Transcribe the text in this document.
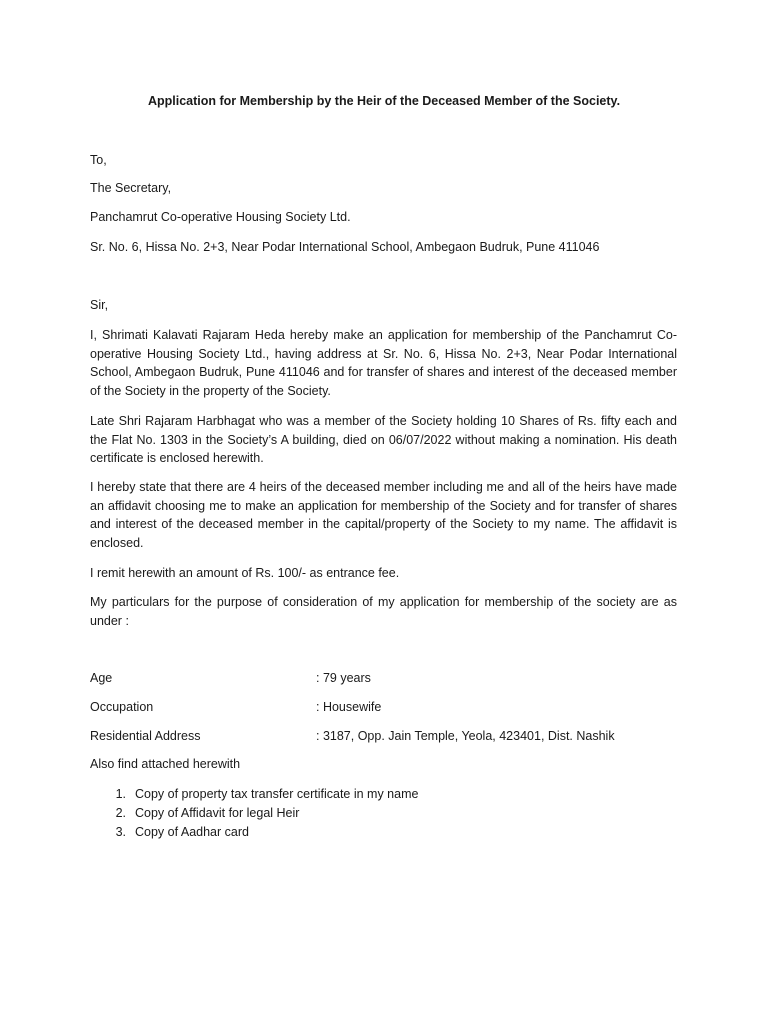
Application for Membership by the Heir of the Deceased Member of the Society.
To,
The Secretary,
Panchamrut Co-operative Housing Society Ltd.
Sr. No. 6, Hissa No. 2+3, Near Podar International School, Ambegaon Budruk, Pune 411046
Sir,
I, Shrimati Kalavati Rajaram Heda hereby make an application for membership of the Panchamrut Co-operative Housing Society Ltd., having address at Sr. No. 6, Hissa No. 2+3, Near Podar International School, Ambegaon Budruk, Pune 411046 and for transfer of shares and interest of the deceased member of the Society in the property of the Society.
Late Shri Rajaram Harbhagat who was a member of the Society holding 10 Shares of Rs. fifty each and the Flat No. 1303 in the Society’s A building, died on 06/07/2022 without making a nomination. His death certificate is enclosed herewith.
I hereby state that there are 4 heirs of the deceased member including me and all of the heirs have made an affidavit choosing me to make an application for membership of the Society and for transfer of shares and interest of the deceased member in the capital/property of the Society to my name. The affidavit is enclosed.
I remit herewith an amount of Rs. 100/- as entrance fee.
My particulars for the purpose of consideration of my application for membership of the society are as under :
Age	: 79 years
Occupation	: Housewife
Residential Address	: 3187, Opp. Jain Temple, Yeola, 423401, Dist. Nashik
Also find attached herewith
1. Copy of property tax transfer certificate in my name
2. Copy of Affidavit for legal Heir
3. Copy of Aadhar card
